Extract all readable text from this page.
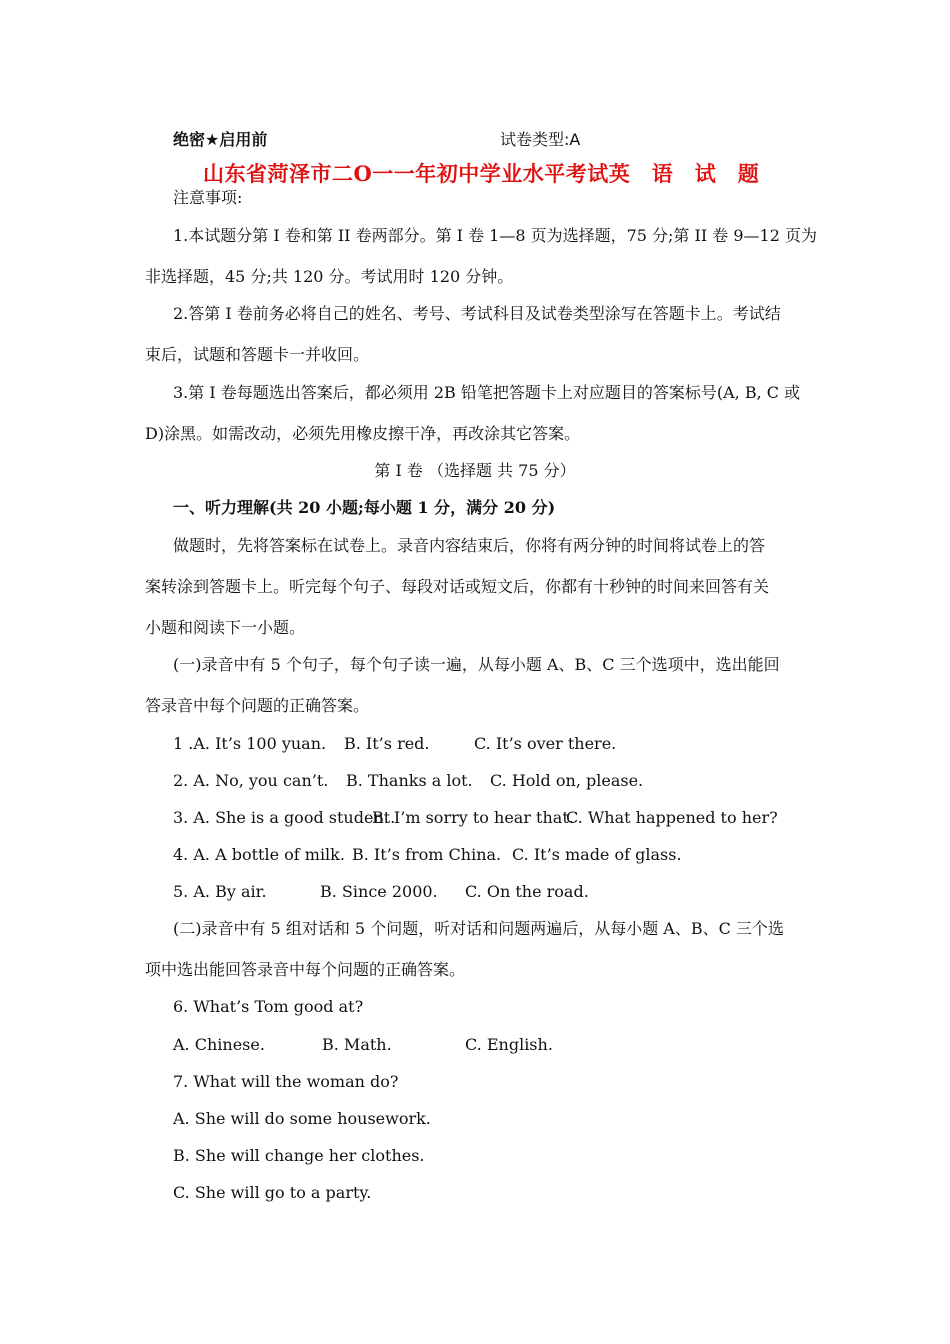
绝密★启用前	试卷类型:A
山东省菏泽市二O一一年初中学业水平考试英　语　试　题
注意事项:
1.本试题分第 I 卷和第 II 卷两部分。第 I 卷 1—8 页为选择题，75 分;第 II 卷 9—12 页为
非选择题，45 分;共 120 分。考试用时 120 分钟。
2.答第 I 卷前务必将自己的姓名、考号、考试科目及试卷类型涂写在答题卡上。考试结
束后，试题和答题卡一并收回。
3.第 I 卷每题选出答案后，都必须用 2B 铅笔把答题卡上对应题目的答案标号(A, B, C 或
D)涂黑。如需改动，必须先用橡皮擦干净，再改涂其它答案。
第 I 卷 （选择题 共 75 分）
一、听力理解(共 20 小题;每小题 1 分，满分 20 分)
做题时，先将答案标在试卷上。录音内容结束后，你将有两分钟的时间将试卷上的答
案转涂到答题卡上。听完每个句子、每段对话或短文后，你都有十秒钟的时间来回答有关
小题和阅读下一小题。
(一)录音中有 5 个句子，每个句子读一遍，从每小题 A、B、C 三个选项中，选出能回
答录音中每个问题的正确答案。
1 .A. It’s 100 yuan. B. It’s red.	C. It’s over there.
2. A. No, you can’t. B. Thanks a lot. C. Hold on, please.
3. A. She is a good student.B. I’m sorry to hear that.C. What happened to her?
4. A. A bottle of milk. B. It’s from China. C. It’s made of glass.
5. A. By air.	B. Since 2000. C. On the road.
(二)录音中有 5 组对话和 5 个问题，听对话和问题两遍后，从每小题 A、B、C 三个选
项中选出能回答录音中每个问题的正确答案。
6. What’s Tom good at?
A. Chinese.	B. Math.	C. English.
7. What will the woman do?
A. She will do some housework.
B. She will change her clothes.
C. She will go to a party.
